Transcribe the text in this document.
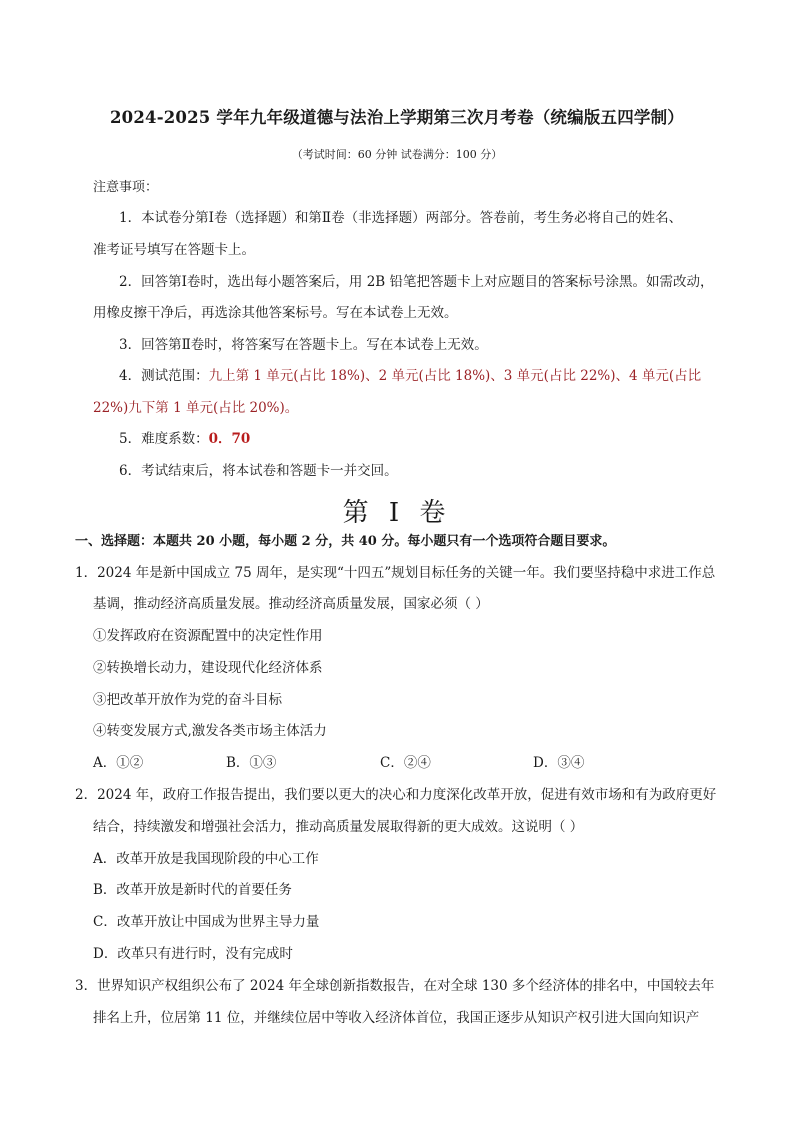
2024-2025 学年九年级道德与法治上学期第三次月考卷（统编版五四学制）
（考试时间：60 分钟 试卷满分：100 分）
注意事项：
1．本试卷分第Ⅰ卷（选择题）和第Ⅱ卷（非选择题）两部分。答卷前，考生务必将自己的姓名、
准考证号填写在答题卡上。
2．回答第Ⅰ卷时，选出每小题答案后，用 2B 铅笔把答题卡上对应题目的答案标号涂黑。如需改动，
用橡皮擦干净后，再选涂其他答案标号。写在本试卷上无效。
3．回答第Ⅱ卷时，将答案写在答题卡上。写在本试卷上无效。
4．测试范围：九上第 1 单元(占比 18%)、2 单元(占比 18%)、3 单元(占比 22%)、4 单元(占比
22%)九下第 1 单元(占比 20%)。
5．难度系数：0．70
6．考试结束后，将本试卷和答题卡一并交回。
第 I 卷
一、选择题：本题共 20 小题，每小题 2 分，共 40 分。每小题只有一个选项符合题目要求。
1．2024 年是新中国成立 75 周年，是实现“十四五”规划目标任务的关键一年。我们要坚持稳中求进工作总
基调，推动经济高质量发展。推动经济高质量发展，国家必须（ ）
①发挥政府在资源配置中的决定性作用
②转换增长动力，建设现代化经济体系
③把改革开放作为党的奋斗目标
④转变发展方式,激发各类市场主体活力
A．①②	B．①③	C．②④	D．③④
2．2024 年，政府工作报告提出，我们要以更大的决心和力度深化改革开放，促进有效市场和有为政府更好
结合，持续激发和增强社会活力，推动高质量发展取得新的更大成效。这说明（ ）
A．改革开放是我国现阶段的中心工作
B．改革开放是新时代的首要任务
C．改革开放让中国成为世界主导力量
D．改革只有进行时，没有完成时
3．世界知识产权组织公布了 2024 年全球创新指数报告，在对全球 130 多个经济体的排名中，中国较去年
排名上升，位居第 11 位，并继续位居中等收入经济体首位，我国正逐步从知识产权引进大国向知识产
